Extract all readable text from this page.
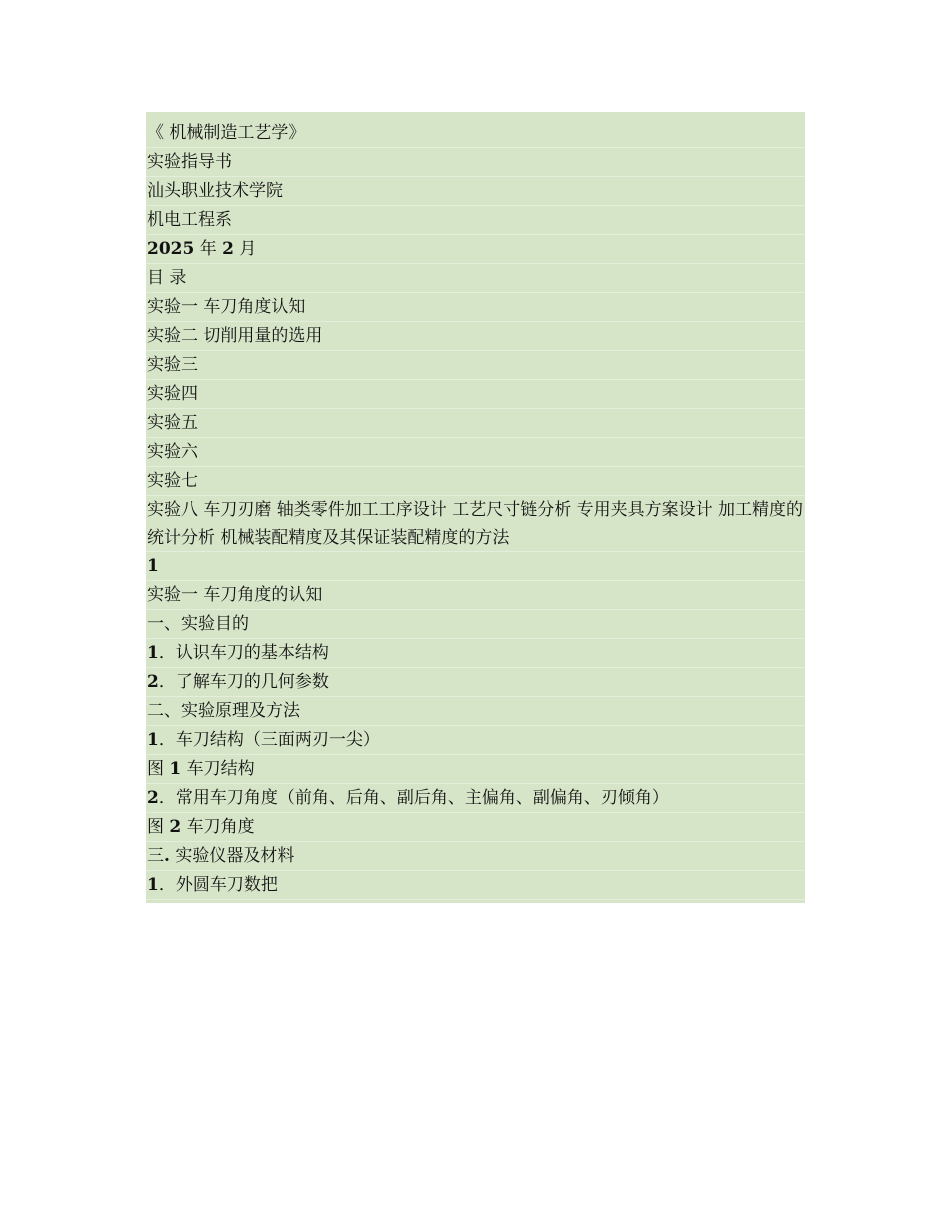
《 机械制造工艺学》
实验指导书
汕头职业技术学院
机电工程系
2025 年 2 月
目 录
实验一 车刀角度认知
实验二 切削用量的选用
实验三
实验四
实验五
实验六
实验七
实验八 车刀刃磨 轴类零件加工工序设计 工艺尺寸链分析 专用夹具方案设计 加工精度的统计分析 机械装配精度及其保证装配精度的方法
1
实验一 车刀角度的认知
一、实验目的
1．认识车刀的基本结构
2．了解车刀的几何参数
二、实验原理及方法
1．车刀结构（三面两刃一尖）
图 1 车刀结构
2．常用车刀角度（前角、后角、副后角、主偏角、副偏角、刃倾角）
图 2 车刀角度
三. 实验仪器及材料
1．外圆车刀数把
